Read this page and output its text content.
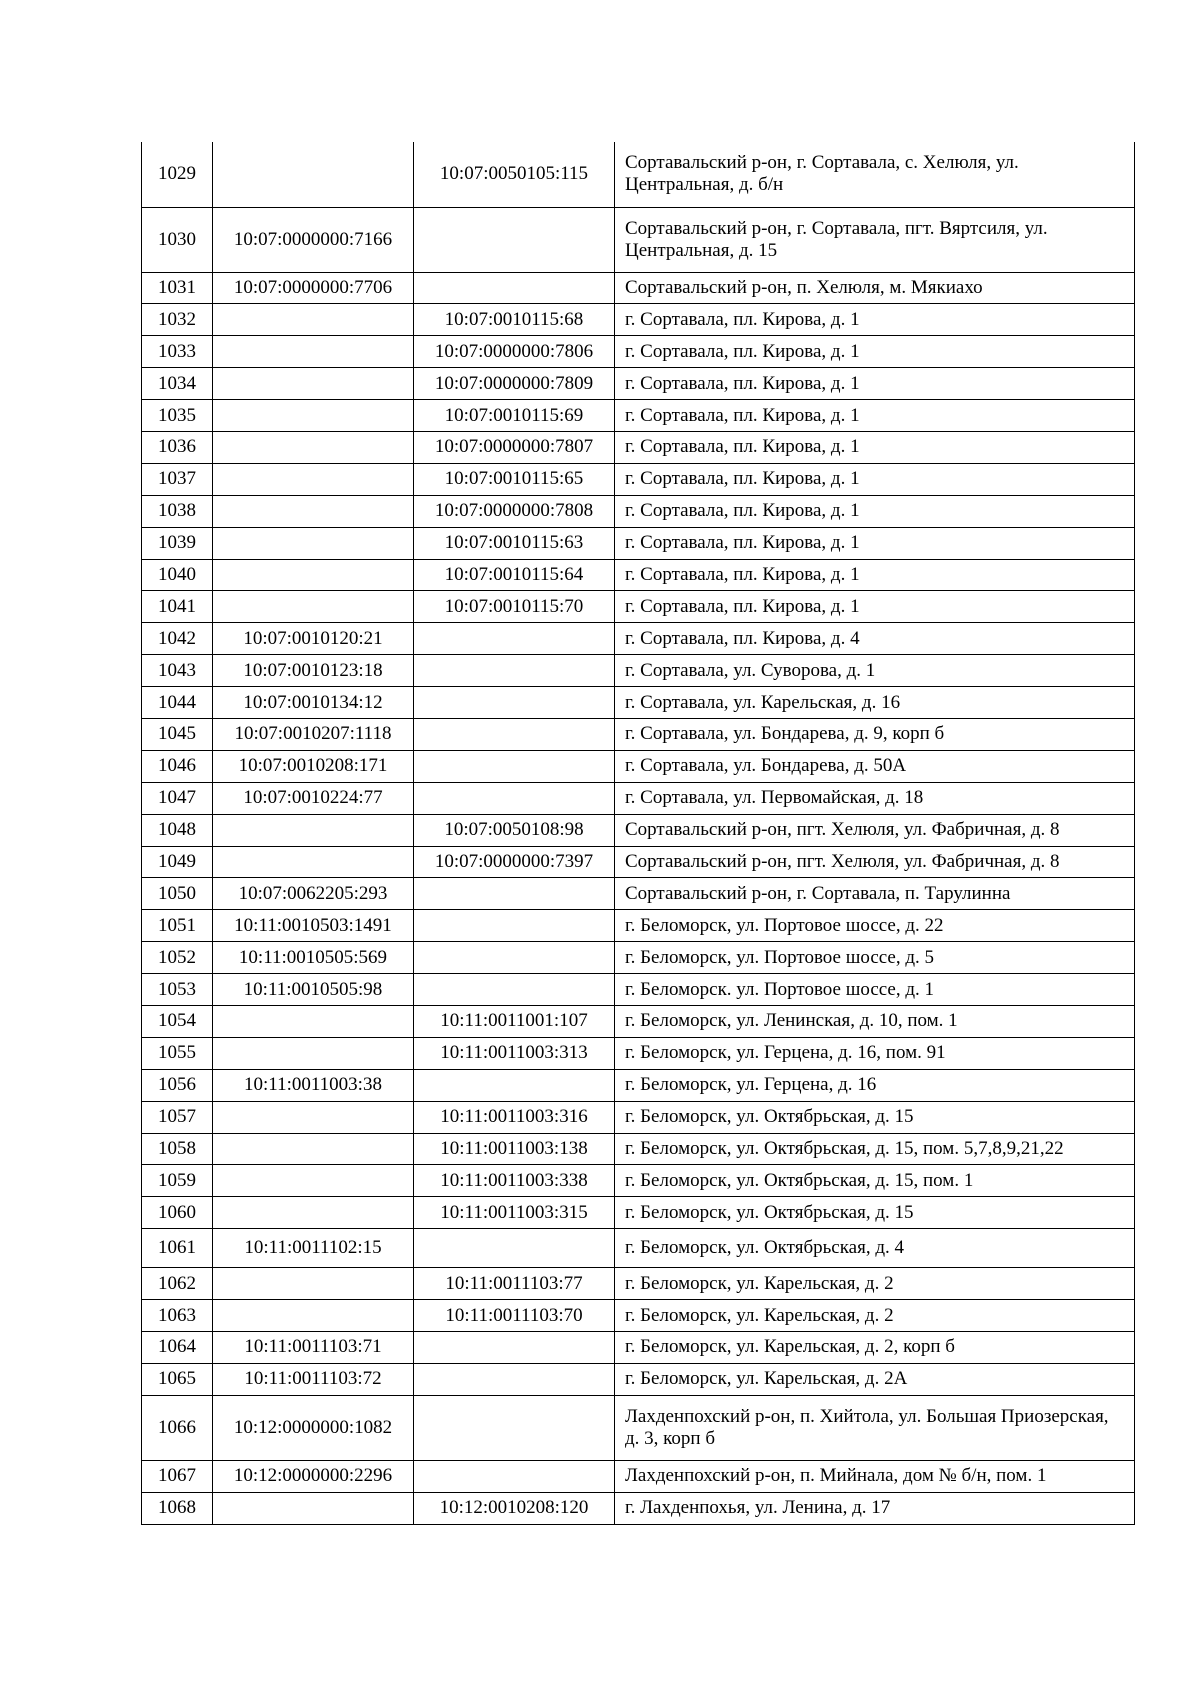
1029		10:07:0050105:115	Сортавальский р-он, г. Сортавала, с. Хелюля, ул. Центральная, д. б/н
1030	10:07:0000000:7166		Сортавальский р-он, г. Сортавала, пгт. Вяртсиля, ул. Центральная, д. 15
1031	10:07:0000000:7706		Сортавальский р-он, п. Хелюля, м. Мякиахо
1032		10:07:0010115:68	г. Сортавала, пл. Кирова, д. 1
1033		10:07:0000000:7806	г. Сортавала, пл. Кирова, д. 1
1034		10:07:0000000:7809	г. Сортавала, пл. Кирова, д. 1
1035		10:07:0010115:69	г. Сортавала, пл. Кирова, д. 1
1036		10:07:0000000:7807	г. Сортавала, пл. Кирова, д. 1
1037		10:07:0010115:65	г. Сортавала, пл. Кирова, д. 1
1038		10:07:0000000:7808	г. Сортавала, пл. Кирова, д. 1
1039		10:07:0010115:63	г. Сортавала, пл. Кирова, д. 1
1040		10:07:0010115:64	г. Сортавала, пл. Кирова, д. 1
1041		10:07:0010115:70	г. Сортавала, пл. Кирова, д. 1
1042	10:07:0010120:21		г. Сортавала, пл. Кирова, д. 4
1043	10:07:0010123:18		г. Сортавала, ул. Суворова, д. 1
1044	10:07:0010134:12		г. Сортавала, ул. Карельская, д. 16
1045	10:07:0010207:1118		г. Сортавала, ул. Бондарева, д. 9, корп б
1046	10:07:0010208:171		г. Сортавала, ул. Бондарева, д. 50А
1047	10:07:0010224:77		г. Сортавала, ул. Первомайская, д. 18
1048		10:07:0050108:98	Сортавальский р-он, пгт. Хелюля, ул. Фабричная, д. 8
1049		10:07:0000000:7397	Сортавальский р-он, пгт. Хелюля, ул. Фабричная, д. 8
1050	10:07:0062205:293		Сортавальский р-он, г. Сортавала, п. Тарулинна
1051	10:11:0010503:1491		г. Беломорск, ул. Портовое шоссе, д. 22
1052	10:11:0010505:569		г. Беломорск, ул. Портовое шоссе, д. 5
1053	10:11:0010505:98		г. Беломорск. ул. Портовое шоссе, д. 1
1054		10:11:0011001:107	г. Беломорск, ул. Ленинская, д. 10, пом. 1
1055		10:11:0011003:313	г. Беломорск, ул. Герцена, д. 16, пом. 91
1056	10:11:0011003:38		г. Беломорск, ул. Герцена, д. 16
1057		10:11:0011003:316	г. Беломорск, ул. Октябрьская, д. 15
1058		10:11:0011003:138	г. Беломорск, ул. Октябрьская, д. 15, пом. 5,7,8,9,21,22
1059		10:11:0011003:338	г. Беломорск, ул. Октябрьская, д. 15, пом. 1
1060		10:11:0011003:315	г. Беломорск, ул. Октябрьская, д. 15
1061	10:11:0011102:15		г. Беломорск, ул. Октябрьская, д. 4
1062		10:11:0011103:77	г. Беломорск, ул. Карельская, д. 2
1063		10:11:0011103:70	г. Беломорск, ул. Карельская, д. 2
1064	10:11:0011103:71		г. Беломорск, ул. Карельская, д. 2, корп б
1065	10:11:0011103:72		г. Беломорск, ул. Карельская, д. 2А
1066	10:12:0000000:1082		Лахденпохский р-он, п. Хийтола, ул. Большая Приозерская, д. 3, корп б
1067	10:12:0000000:2296		Лахденпохский р-он, п. Мийнала, дом № б/н, пом. 1
1068		10:12:0010208:120	г. Лахденпохья, ул. Ленина, д. 17
